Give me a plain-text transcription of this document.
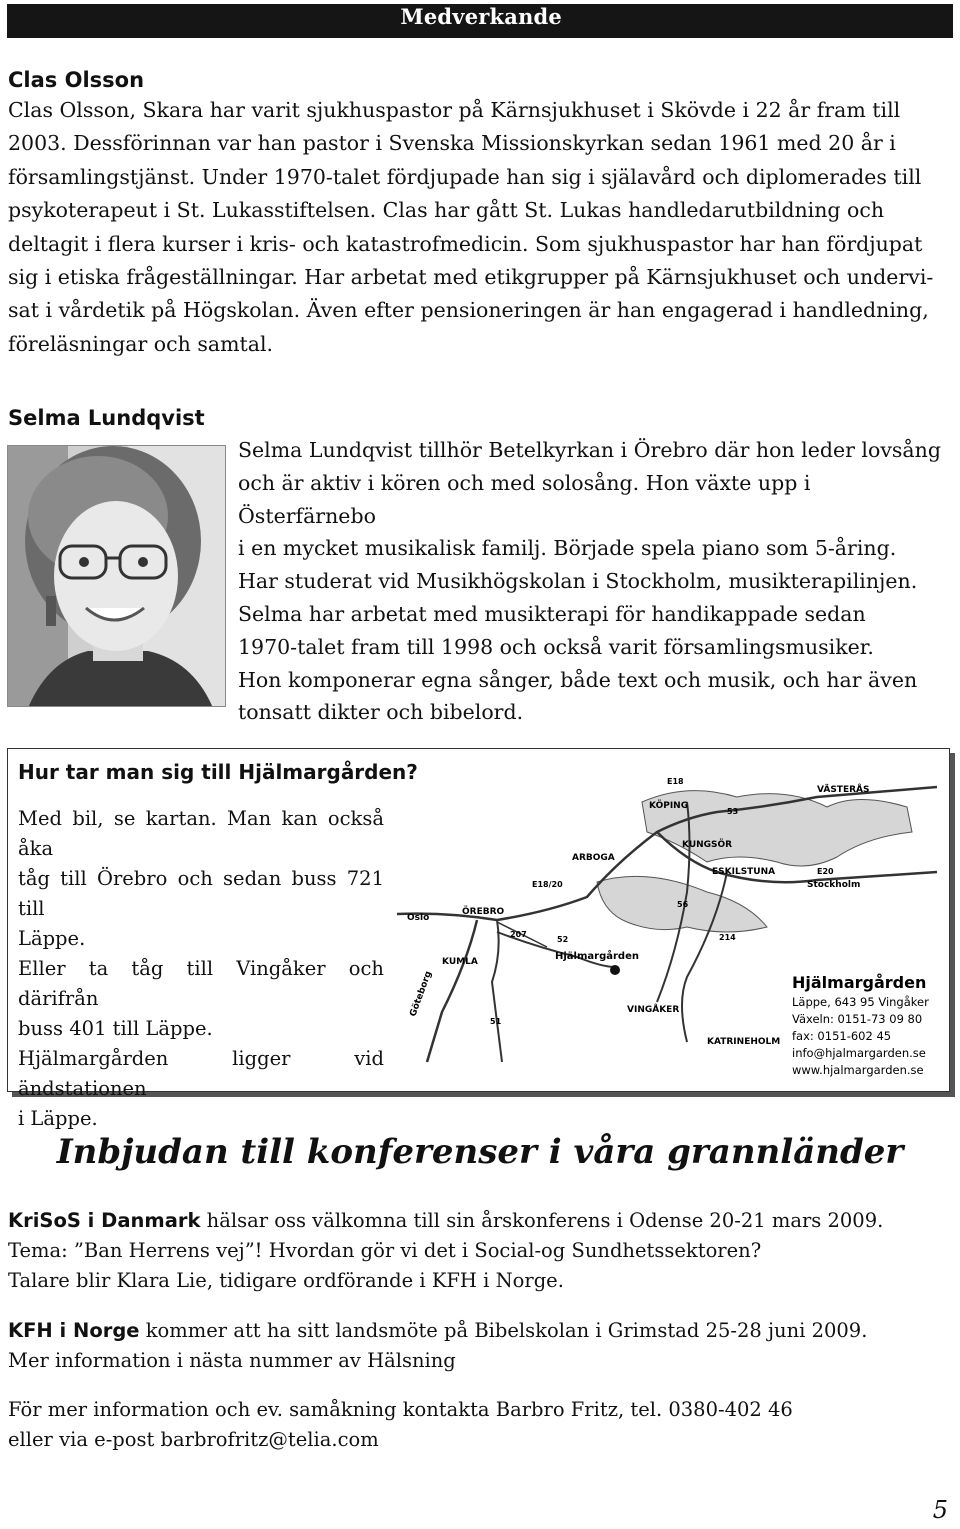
Medverkande
Clas Olsson

Clas Olsson, Skara har varit sjukhuspastor på Kärnsjukhuset i Skövde i 22 år fram till

2003. Dessförinnan var han pastor i Svenska Missionskyrkan sedan 1961 med 20 år i

församlingstjänst. Under 1970-talet fördjupade han sig i själavård och diplomerades till

psykoterapeut i St. Lukasstiftelsen. Clas har gått St. Lukas handledarutbildning och

deltagit i flera kurser i kris- och katastrofmedicin. Som sjukhuspastor har han fördjupat

sig i etiska frågeställningar. Har arbetat med etikgrupper på Kärnsjukhuset och undervi-

sat i vårdetik på Högskolan. Även efter pensioneringen är han engagerad i handledning,

föreläsningar och samtal.

Selma Lundqvist

Selma Lundqvist tillhör Betelkyrkan i Örebro där hon leder lovsång

och är aktiv i kören och med solosång. Hon växte upp i Österfärnebo

i en mycket musikalisk familj. Började spela piano som 5-åring.

Har studerat vid Musikhögskolan i Stockholm, musikterapilinjen.

Selma har arbetat med musikterapi för handikappade sedan

1970-talet fram till 1998 och också varit församlingsmusiker.

Hon komponerar egna sånger, både text och musik, och har även

tonsatt dikter och bibelord.

Hur tar man sig till Hjälmargården?

Med bil, se kartan. Man kan också åka

tåg till Örebro och sedan buss 721 till

Läppe.

Eller ta tåg till Vingåker och därifrån

buss 401 till Läppe.

Hjälmargården ligger vid ändstationen

i Läppe.

VÄSTERÅS
KÖPING
KUNGSÖR
ARBOGA
ESKILSTUNA
Stockholm
Oslo
ÖREBRO
Hjälmargården
KUMLA
Göteborg	VINGÅKER
KATRINEHOLM
E18
53
E20
E18/20
56
207	214
52
51
Hjälmargården
Läppe, 643 95 Vingåker
Växeln: 0151-73 09 80
fax: 0151-602 45
info@hjalmargarden.se
www.hjalmargarden.se
Inbjudan till konferenser i våra grannländer

KriSoS i Danmark hälsar oss välkomna till sin årskonferens i Odense 20-21 mars 2009.

Tema: ”Ban Herrens vej”! Hvordan gör vi det i Social-og Sundhetssektoren?

Talare blir Klara Lie, tidigare ordförande i KFH i Norge.

KFH i Norge kommer att ha sitt landsmöte på Bibelskolan i Grimstad 25-28 juni 2009.

Mer information i nästa nummer av Hälsning

För mer information och ev. samåkning kontakta Barbro Fritz, tel. 0380-402 46

eller via e-post barbrofritz@telia.com

5
